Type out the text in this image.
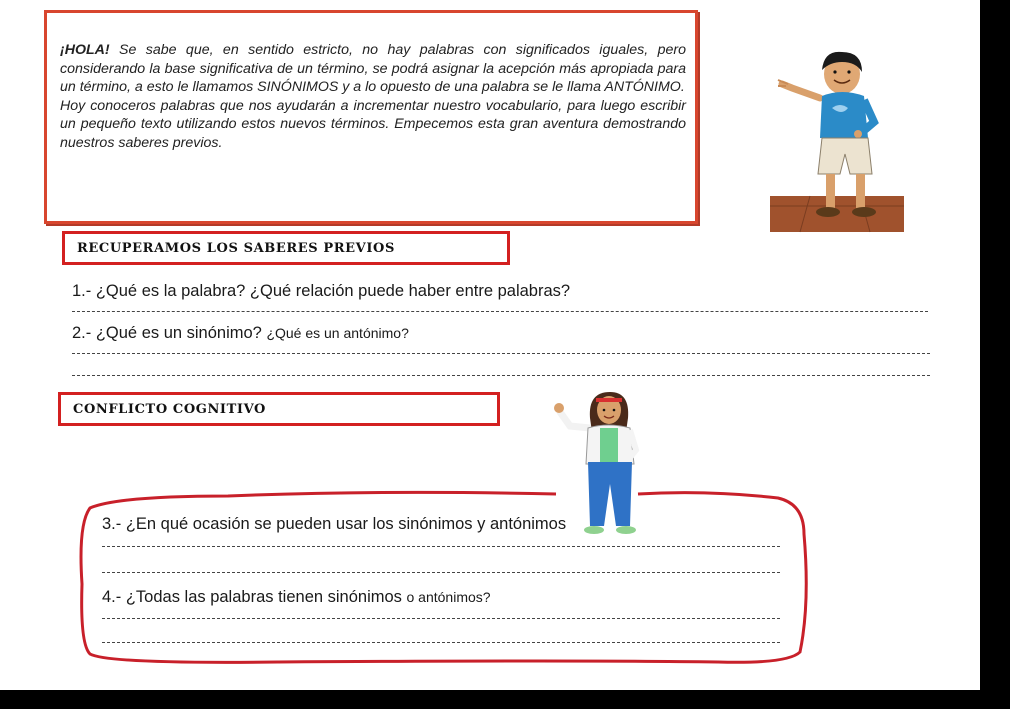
¡HOLA! Se sabe que, en sentido estricto, no hay palabras con significados iguales, pero considerando la base significativa de un término, se podrá asignar la acepción más apropiada para un término, a esto le llamamos SINÓNIMOS y a lo opuesto de una palabra se le llama ANTÓNIMO.

Hoy conoceros palabras que nos ayudarán a incrementar nuestro vocabulario, para luego escribir un pequeño texto utilizando estos nuevos términos. Empecemos esta gran aventura demostrando nuestros saberes previos.

RECUPERAMOS LOS SABERES PREVIOS
1.- ¿Qué es la palabra? ¿Qué relación puede haber entre palabras?
2.- ¿Qué es un sinónimo? ¿Qué es un antónimo?
CONFLICTO COGNITIVO
3.- ¿En qué ocasión se pueden usar los sinónimos y antónimos
4.- ¿Todas las palabras tienen sinónimos o antónimos?
